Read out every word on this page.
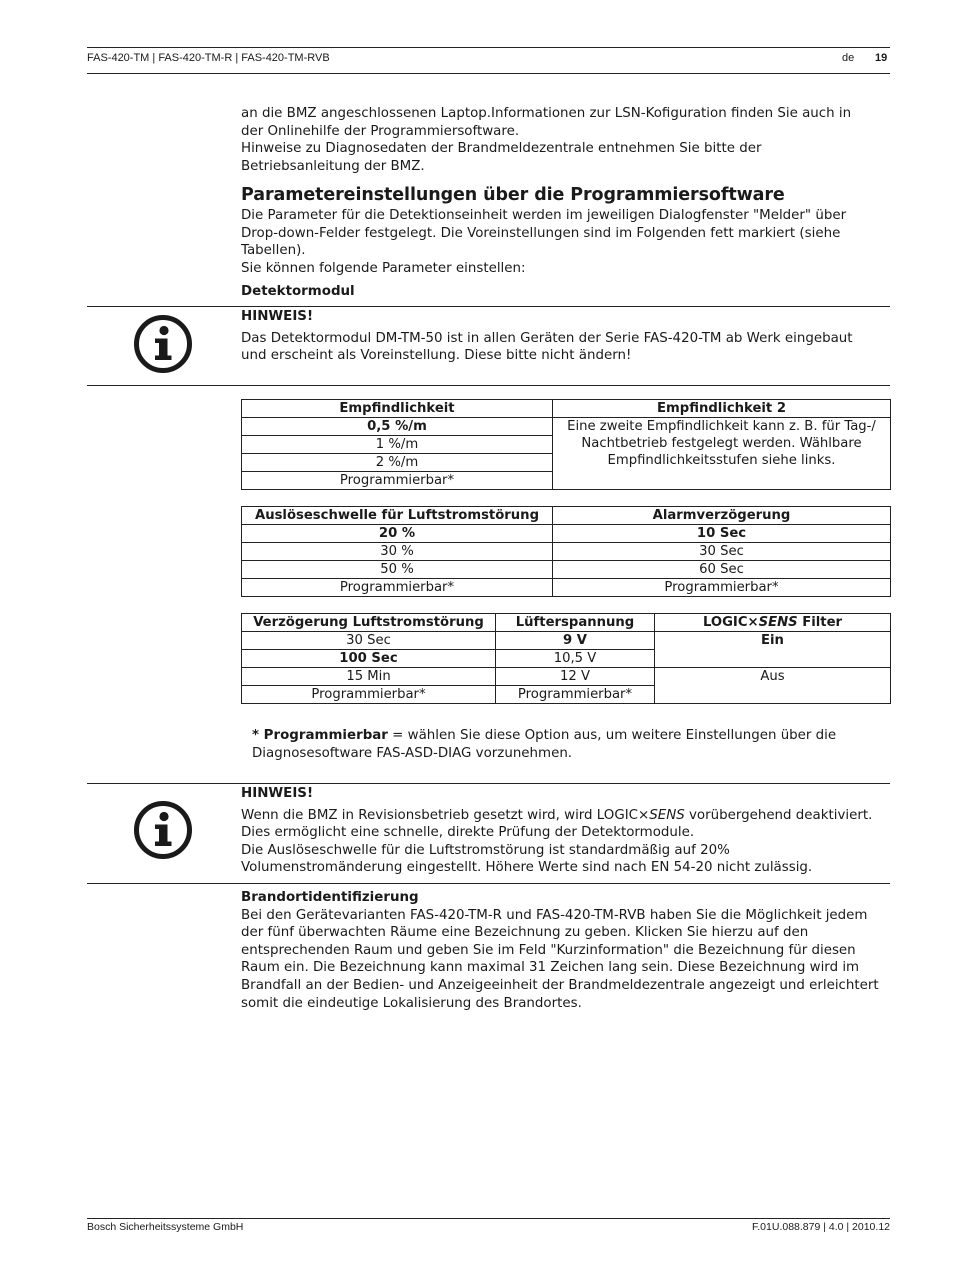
FAS-420-TM | FAS-420-TM-R | FAS-420-TM-RVB	de 19

an die BMZ angeschlossenen Laptop.Informationen zur LSN-Kofiguration finden Sie auch in

der Onlinehilfe der Programmiersoftware.

Hinweise zu Diagnosedaten der Brandmeldezentrale entnehmen Sie bitte der

Betriebsanleitung der BMZ.

Parametereinstellungen über die Programmiersoftware

Die Parameter für die Detektionseinheit werden im jeweiligen Dialogfenster "Melder" über

Drop-down-Felder festgelegt. Die Voreinstellungen sind im Folgenden fett markiert (siehe

Tabellen).

Sie können folgende Parameter einstellen:

Detektormodul

HINWEIS!

Das Detektormodul DM-TM-50 ist in allen Geräten der Serie FAS-420-TM ab Werk eingebaut

und erscheint als Voreinstellung. Diese bitte nicht ändern!

Empfindlichkeit	Empfindlichkeit 2
0,5 %/m	Eine zweite Empfindlichkeit kann z. B. für Tag-/
Nachtbetrieb festgelegt werden. Wählbare
Empfindlichkeitsstufen siehe links.

1 %/m	
2 %/m	
Programmierbar*	
Auslöseschwelle für Luftstromstörung	Alarmverzögerung
20 %	10 Sec
30 %	30 Sec
50 %	60 Sec
Programmierbar*	Programmierbar*
Verzögerung Luftstromstörung	Lüfterspannung	LOGIC×SENS Filter
30 Sec	9 V	Ein
100 Sec	10,5 V	
15 Min	12 V	Aus
Programmierbar*	Programmierbar*	

* Programmierbar = wählen Sie diese Option aus, um weitere Einstellungen über die

Diagnosesoftware FAS-ASD-DIAG vorzunehmen.

HINWEIS!

Wenn die BMZ in Revisionsbetrieb gesetzt wird, wird LOGIC×SENS vorübergehend deaktiviert.

Dies ermöglicht eine schnelle, direkte Prüfung der Detektormodule.

Die Auslöseschwelle für die Luftstromstörung ist standardmäßig auf 20%

Volumenstromänderung eingestellt. Höhere Werte sind nach EN 54-20 nicht zulässig.

Brandortidentifizierung

Bei den Gerätevarianten FAS-420-TM-R und FAS-420-TM-RVB haben Sie die Möglichkeit jedem

der fünf überwachten Räume eine Bezeichnung zu geben. Klicken Sie hierzu auf den

entsprechenden Raum und geben Sie im Feld "Kurzinformation" die Bezeichnung für diesen

Raum ein. Die Bezeichnung kann maximal 31 Zeichen lang sein. Diese Bezeichnung wird im

Brandfall an der Bedien- und Anzeigeeinheit der Brandmeldezentrale angezeigt und erleichtert

somit die eindeutige Lokalisierung des Brandortes.

Bosch Sicherheitssysteme GmbH	F.01U.088.879 | 4.0 | 2010.12
